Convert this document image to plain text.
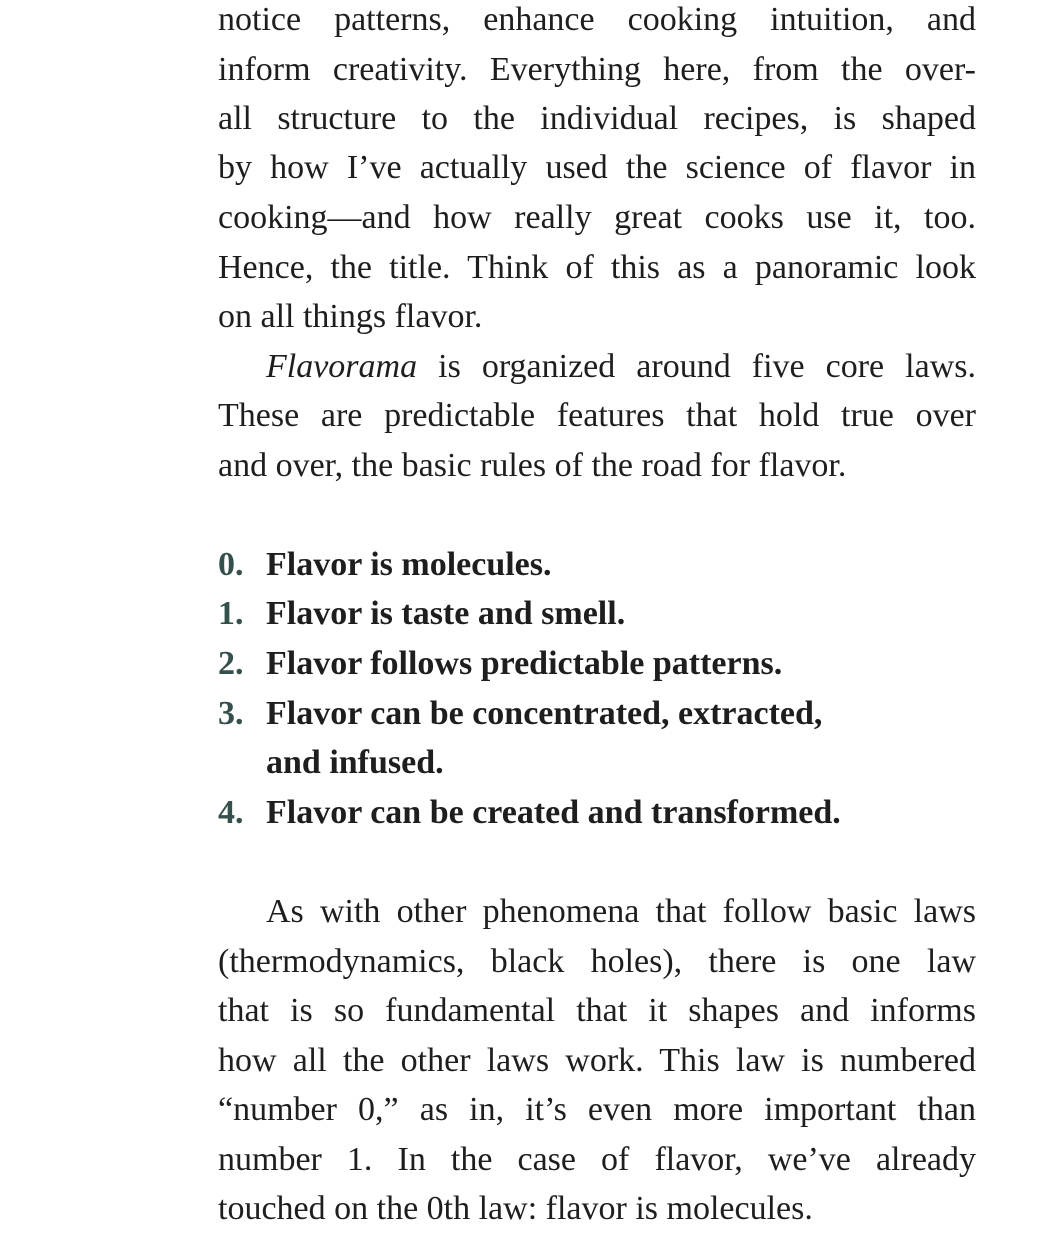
notice patterns, enhance cooking intuition, and
inform creativity. Everything here, from the over-
all structure to the individual recipes, is shaped
by how I’ve actually used the science of flavor in
cooking—and how really great cooks use it, too.
Hence, the title. Think of this as a panoramic look
on all things flavor.
Flavorama is organized around five core laws.
These are predictable features that hold true over
and over, the basic rules of the road for flavor.
0. Flavor is molecules.
1. Flavor is taste and smell.
2. Flavor follows predictable patterns.
3. Flavor can be concentrated, extracted,
and infused.
4. Flavor can be created and transformed.
As with other phenomena that follow basic laws
(thermodynamics, black holes), there is one law
that is so fundamental that it shapes and informs
how all the other laws work. This law is numbered
“number 0,” as in, it’s even more important than
number 1. In the case of flavor, we’ve already
touched on the 0th law: flavor is molecules.
